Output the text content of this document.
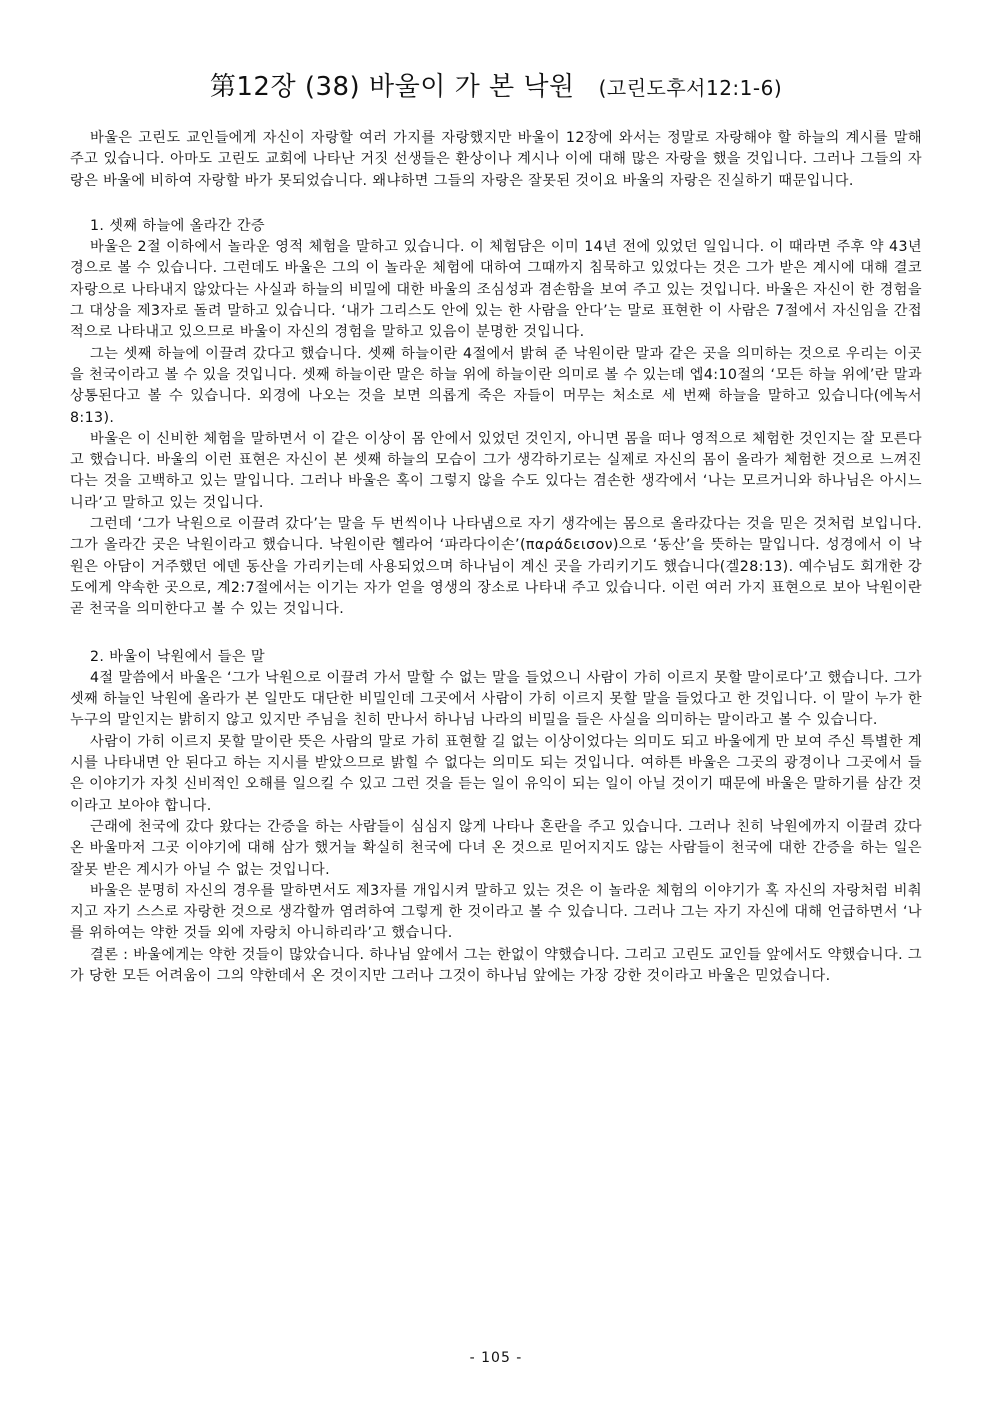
第12장 (38) 바울이 가 본 낙원 (고린도후서12:1-6)

바울은 고린도 교인들에게 자신이 자랑할 여러 가지를 자랑했지만 바울이 12장에 와서는 정말로 자랑해야 할 하늘의 계시를 말해 주고 있습니다. 아마도 고린도 교회에 나타난 거짓 선생들은 환상이나 계시나 이에 대해 많은 자랑을 했을 것입니다. 그러나 그들의 자랑은 바울에 비하여 자랑할 바가 못되었습니다. 왜냐하면 그들의 자랑은 잘못된 것이요 바울의 자랑은 진실하기 때문입니다.

1. 셋째 하늘에 올라간 간증

바울은 2절 이하에서 놀라운 영적 체험을 말하고 있습니다. 이 체험담은 이미 14년 전에 있었던 일입니다. 이 때라면 주후 약 43년경으로 볼 수 있습니다. 그런데도 바울은 그의 이 놀라운 체험에 대하여 그때까지 침묵하고 있었다는 것은 그가 받은 계시에 대해 결코 자랑으로 나타내지 않았다는 사실과 하늘의 비밀에 대한 바울의 조심성과 겸손함을 보여 주고 있는 것입니다. 바울은 자신이 한 경험을 그 대상을 제3자로 돌려 말하고 있습니다. ‘내가 그리스도 안에 있는 한 사람을 안다’는 말로 표현한 이 사람은 7절에서 자신임을 간접적으로 나타내고 있으므로 바울이 자신의 경험을 말하고 있음이 분명한 것입니다.

그는 셋째 하늘에 이끌려 갔다고 했습니다. 셋째 하늘이란 4절에서 밝혀 준 낙원이란 말과 같은 곳을 의미하는 것으로 우리는 이곳을 천국이라고 볼 수 있을 것입니다. 셋째 하늘이란 말은 하늘 위에 하늘이란 의미로 볼 수 있는데 엡4:10절의 ‘모든 하늘 위에’란 말과 상통된다고 볼 수 있습니다. 외경에 나오는 것을 보면 의롭게 죽은 자들이 머무는 처소로 세 번째 하늘을 말하고 있습니다(에녹서 8:13).

바울은 이 신비한 체험을 말하면서 이 같은 이상이 몸 안에서 있었던 것인지, 아니면 몸을 떠나 영적으로 체험한 것인지는 잘 모른다고 했습니다. 바울의 이런 표현은 자신이 본 셋째 하늘의 모습이 그가 생각하기로는 실제로 자신의 몸이 올라가 체험한 것으로 느껴진다는 것을 고백하고 있는 말입니다. 그러나 바울은 혹이 그렇지 않을 수도 있다는 겸손한 생각에서 ‘나는 모르거니와 하나님은 아시느니라’고 말하고 있는 것입니다.

그런데 ‘그가 낙원으로 이끌려 갔다’는 말을 두 번씩이나 나타냄으로 자기 생각에는 몸으로 올라갔다는 것을 믿은 것처럼 보입니다. 그가 올라간 곳은 낙원이라고 했습니다. 낙원이란 헬라어 ‘파라다이손’(παράδεισον)으로 ‘동산’을 뜻하는 말입니다. 성경에서 이 낙원은 아담이 거주했던 에덴 동산을 가리키는데 사용되었으며 하나님이 계신 곳을 가리키기도 했습니다(겔28:13). 예수님도 회개한 강도에게 약속한 곳으로, 계2:7절에서는 이기는 자가 얻을 영생의 장소로 나타내 주고 있습니다. 이런 여러 가지 표현으로 보아 낙원이란 곧 천국을 의미한다고 볼 수 있는 것입니다.

2. 바울이 낙원에서 들은 말

4절 말씀에서 바울은 ‘그가 낙원으로 이끌려 가서 말할 수 없는 말을 들었으니 사람이 가히 이르지 못할 말이로다’고 했습니다. 그가 셋째 하늘인 낙원에 올라가 본 일만도 대단한 비밀인데 그곳에서 사람이 가히 이르지 못할 말을 들었다고 한 것입니다. 이 말이 누가 한 누구의 말인지는 밝히지 않고 있지만 주님을 친히 만나서 하나님 나라의 비밀을 들은 사실을 의미하는 말이라고 볼 수 있습니다.

사람이 가히 이르지 못할 말이란 뜻은 사람의 말로 가히 표현할 길 없는 이상이었다는 의미도 되고 바울에게 만 보여 주신 특별한 계시를 나타내면 안 된다고 하는 지시를 받았으므로 밝힐 수 없다는 의미도 되는 것입니다. 여하튼 바울은 그곳의 광경이나 그곳에서 들은 이야기가 자칫 신비적인 오해를 일으킬 수 있고 그런 것을 듣는 일이 유익이 되는 일이 아닐 것이기 때문에 바울은 말하기를 삼간 것이라고 보아야 합니다.

근래에 천국에 갔다 왔다는 간증을 하는 사람들이 심심지 않게 나타나 혼란을 주고 있습니다. 그러나 친히 낙원에까지 이끌려 갔다 온 바울마저 그곳 이야기에 대해 삼가 했거늘 확실히 천국에 다녀 온 것으로 믿어지지도 않는 사람들이 천국에 대한 간증을 하는 일은 잘못 받은 계시가 아닐 수 없는 것입니다.

바울은 분명히 자신의 경우를 말하면서도 제3자를 개입시켜 말하고 있는 것은 이 놀라운 체험의 이야기가 혹 자신의 자랑처럼 비춰지고 자기 스스로 자랑한 것으로 생각할까 염려하여 그렇게 한 것이라고 볼 수 있습니다. 그러나 그는 자기 자신에 대해 언급하면서 ‘나를 위하여는 약한 것들 외에 자랑치 아니하리라’고 했습니다.

결론 : 바울에게는 약한 것들이 많았습니다. 하나님 앞에서 그는 한없이 약했습니다. 그리고 고린도 교인들 앞에서도 약했습니다. 그가 당한 모든 어려움이 그의 약한데서 온 것이지만 그러나 그것이 하나님 앞에는 가장 강한 것이라고 바울은 믿었습니다.

- 105 -
